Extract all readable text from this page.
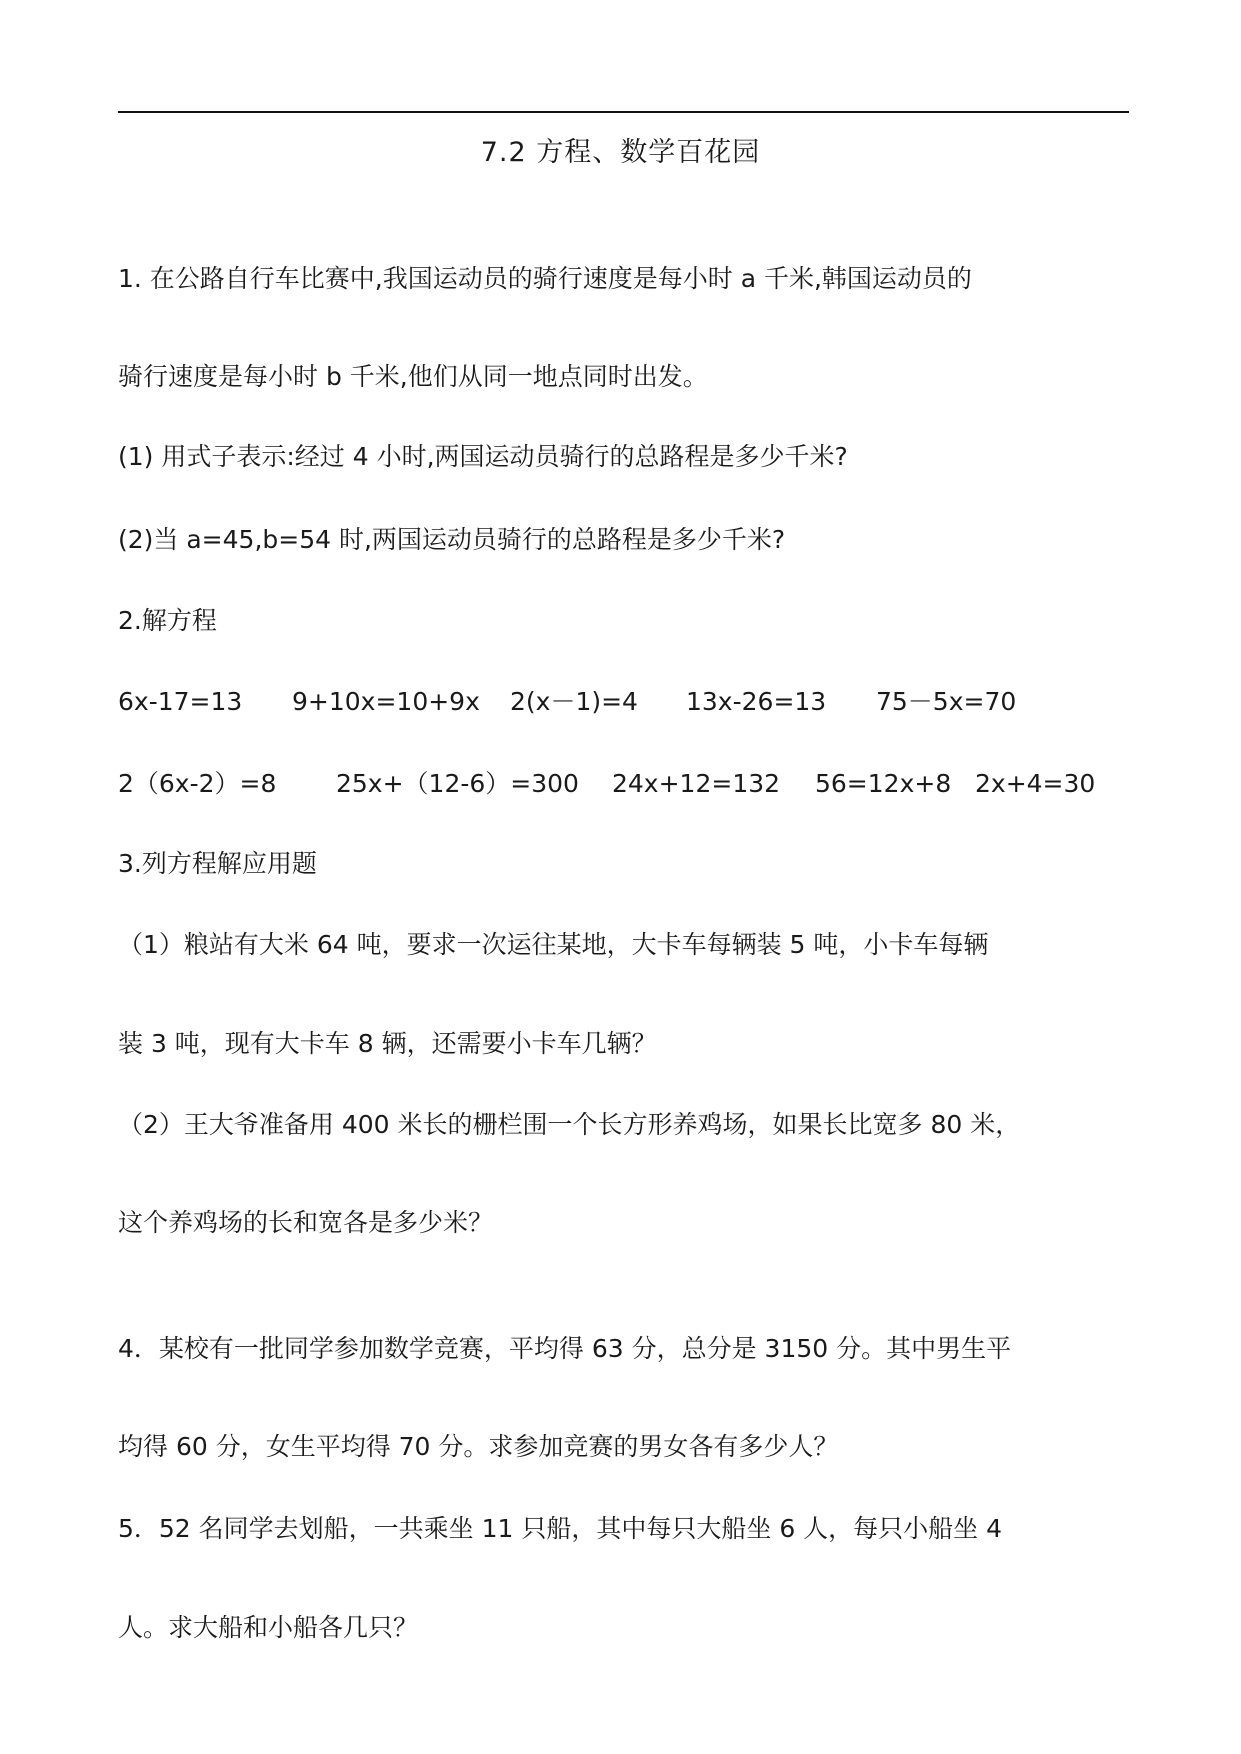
7.2 方程、数学百花园
1. 在公路自行车比赛中,我国运动员的骑行速度是每小时 a 千米,韩国运动员的
骑行速度是每小时 b 千米,他们从同一地点同时出发。
(1) 用式子表示:经过 4 小时,两国运动员骑行的总路程是多少千米?
(2)当 a=45,b=54 时,两国运动员骑行的总路程是多少千米?
2.解方程
6x-17=13 9+10x=10+9x 2(x－1)=4 13x-26=13 75－5x=70
2（6x-2）=8 25x+（12-6）=300 24x+12=132 56=12x+8 2x+4=30
3.列方程解应用题
（1）粮站有大米 64 吨，要求一次运往某地，大卡车每辆装 5 吨，小卡车每辆
装 3 吨，现有大卡车 8 辆，还需要小卡车几辆？
（2）王大爷准备用 400 米长的栅栏围一个长方形养鸡场，如果长比宽多 80 米，
这个养鸡场的长和宽各是多少米？
4．某校有一批同学参加数学竞赛，平均得 63 分，总分是 3150 分。其中男生平
均得 60 分，女生平均得 70 分。求参加竞赛的男女各有多少人？
5．52 名同学去划船，一共乘坐 11 只船，其中每只大船坐 6 人，每只小船坐 4
人。求大船和小船各几只？
